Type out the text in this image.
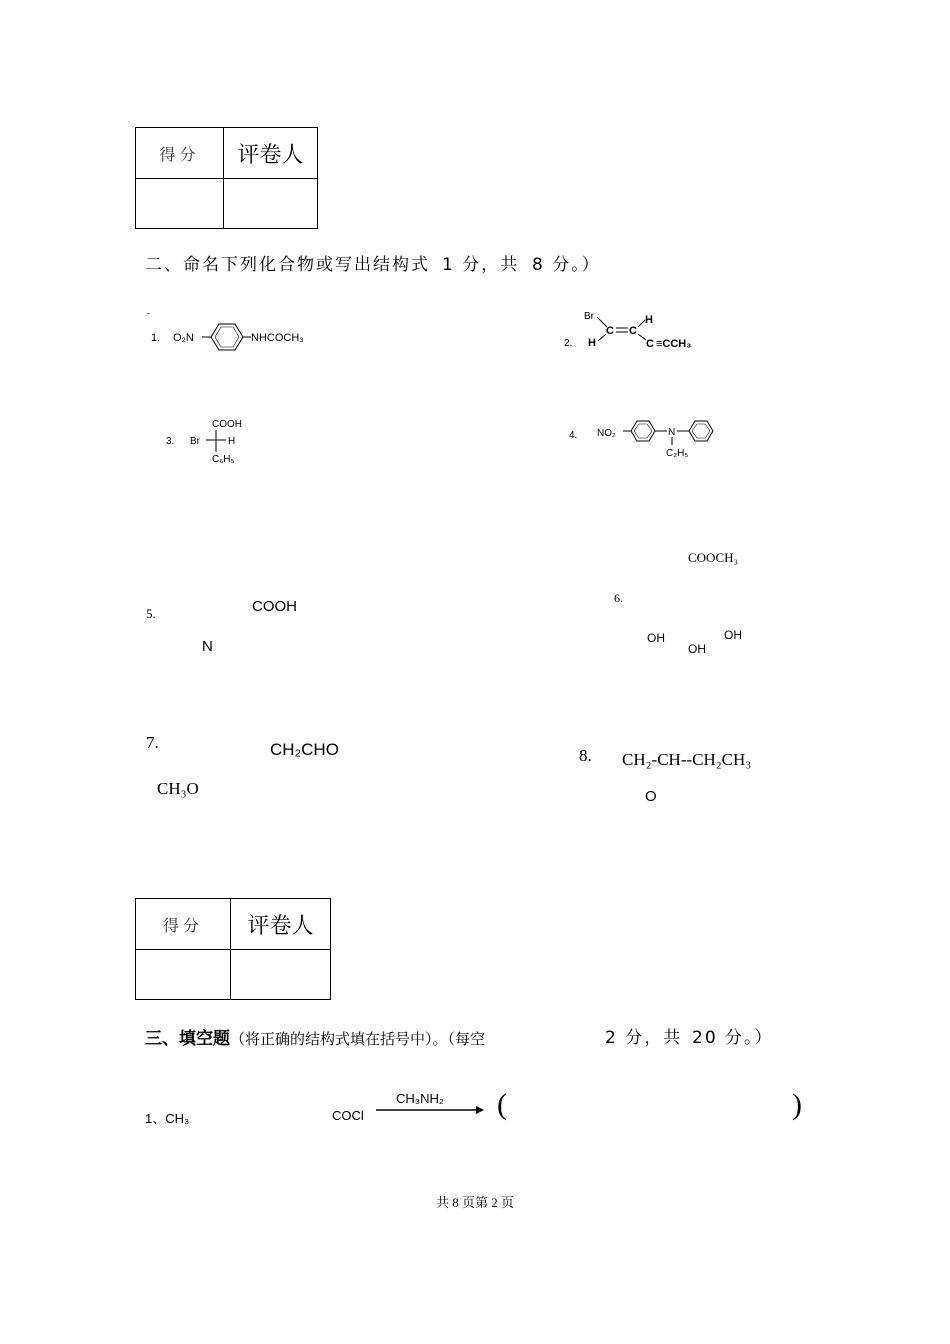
得分	评卷人

二、命名下列化合物或写出结构式 1 分，共 8 分。）
-
1. O₂N	NHCOCH₃	2.
Br
C
H
C
H
C ≡CCH₃
3.
COOH
Br	H
C₆H₅
4. NO₂	N
C₂H₅
5.	COOH
N
COOCH₃
6.
OH
OH
OH
7.	CH₂CHO
CH₃O
8. CH₂-CH--CH₂CH₃
O
得分	评卷人

三、填空题（将正确的结构式填在括号中）。（每空	2 分，共 20 分。）
1、CH₃	COCl
CH₃NH₂ (	)
共 8 页第 2 页
